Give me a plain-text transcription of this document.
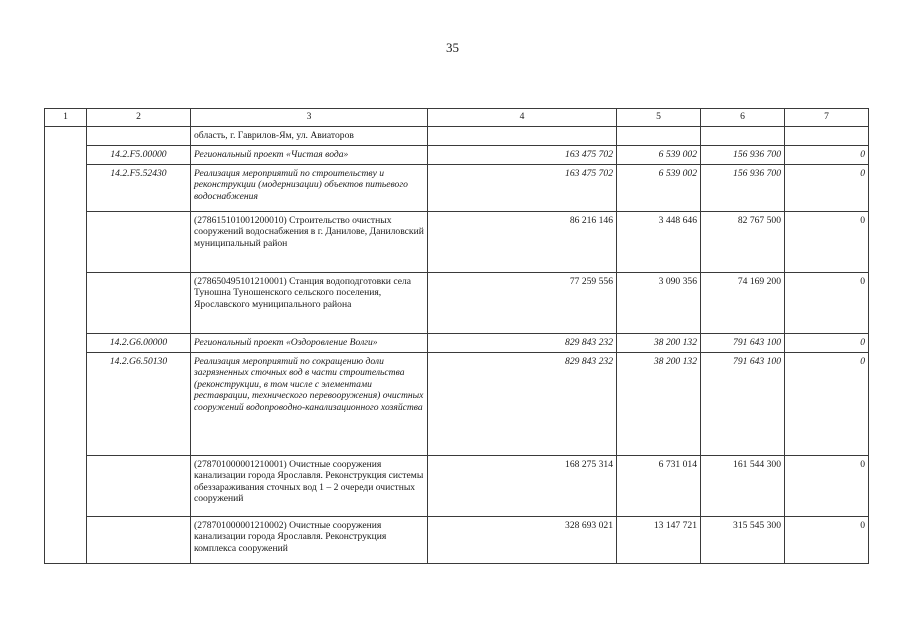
35
1	2	3	4	5	6	7
		область, г. Гаврилов-Ям, ул. Авиаторов				
	14.2.F5.00000	Региональный проект «Чистая вода»	163 475 702	6 539 002	156 936 700	0
	14.2.F5.52430	Реализация мероприятий по строительству и реконструкции (модернизации) объектов питьевого водоснабжения	163 475 702	6 539 002	156 936 700	0
		(278615101001200010) Строительство очистных сооружений водоснабжения в г. Данилове, Даниловский муниципальный район	86 216 146	3 448 646	82 767 500	0
		(278650495101210001) Станция водоподготовки села Туношна Туношенского сельского поселения, Ярославского муниципального района	77 259 556	3 090 356	74 169 200	0
	14.2.G6.00000	Региональный проект «Оздоровление Волги»	829 843 232	38 200 132	791 643 100	0
	14.2.G6.50130	Реализация мероприятий по сокращению доли загрязненных сточных вод в части строительства (реконструкции, в том числе с элементами реставрации, технического перевооружения) очистных сооружений водопроводно-канализационного хозяйства	829 843 232	38 200 132	791 643 100	0
		(278701000001210001) Очистные сооружения канализации города Ярославля. Реконструкция системы обеззараживания сточных вод 1 – 2 очереди очистных сооружений	168 275 314	6 731 014	161 544 300	0
		(278701000001210002) Очистные сооружения канализации города Ярославля. Реконструкция комплекса сооружений	328 693 021	13 147 721	315 545 300	0
